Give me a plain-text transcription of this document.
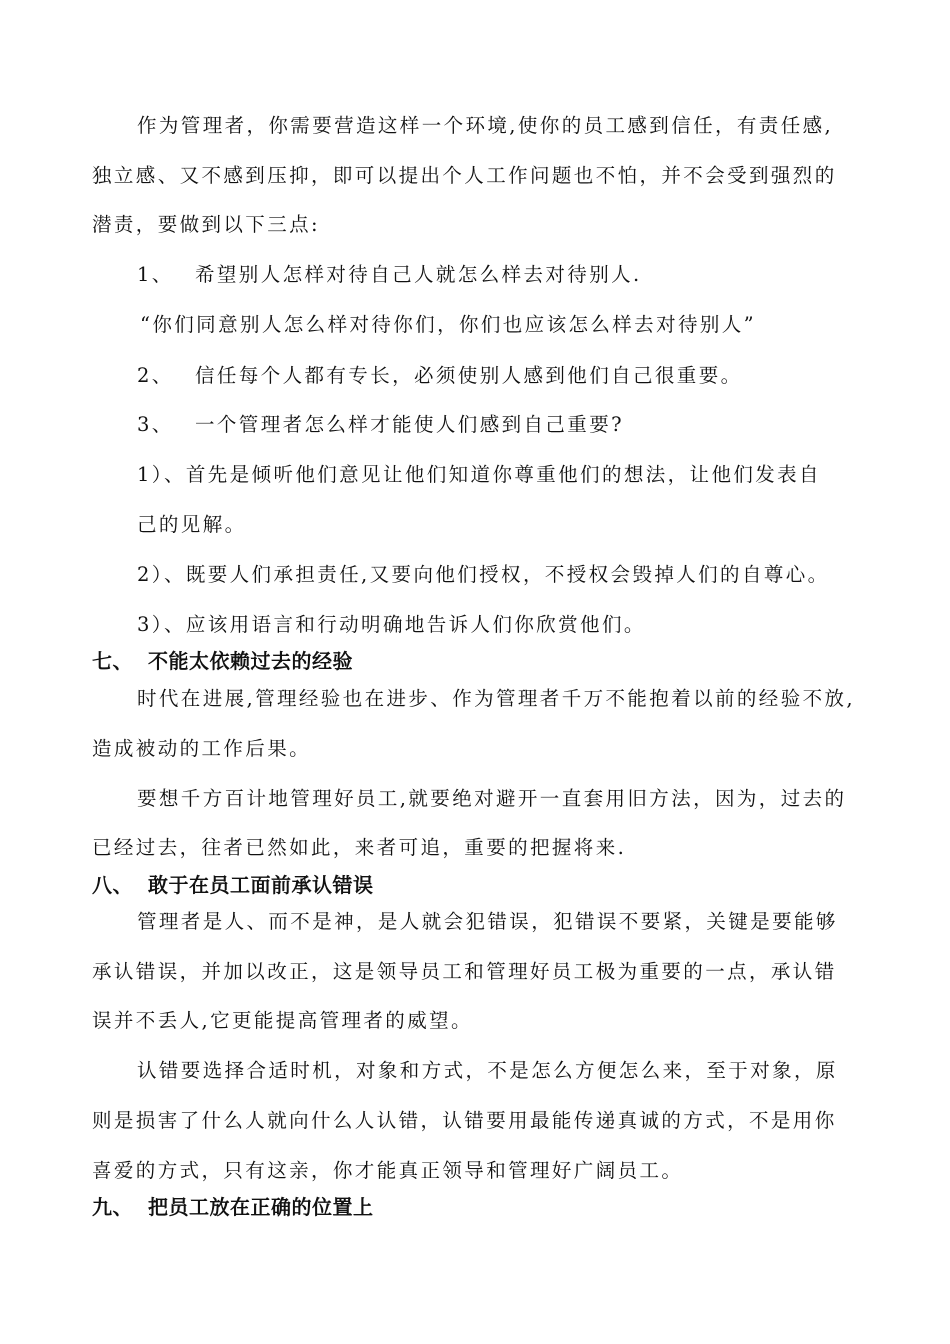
作为管理者，你需要营造这样一个环境,使你的员工感到信任，有责任感,
独立感、又不感到压抑，即可以提出个人工作问题也不怕，并不会受到强烈的
潜责，要做到以下三点:
1、 希望别人怎样对待自己人就怎么样去对待别人.
“你们同意别人怎么样对待你们，你们也应该怎么样去对待别人”
2、 信任每个人都有专长，必须使别人感到他们自己很重要。
3、 一个管理者怎么样才能使人们感到自己重要?
1）、首先是倾听他们意见让他们知道你尊重他们的想法，让他们发表自
己的见解。
2）、既要人们承担责任,又要向他们授权，不授权会毁掉人们的自尊心。
3）、应该用语言和行动明确地告诉人们你欣赏他们。
七、 不能太依赖过去的经验
时代在进展,管理经验也在进步、作为管理者千万不能抱着以前的经验不放,
造成被动的工作后果。
要想千方百计地管理好员工,就要绝对避开一直套用旧方法，因为，过去的
已经过去，往者已然如此，来者可追，重要的把握将来.
八、 敢于在员工面前承认错误
管理者是人、而不是神，是人就会犯错误，犯错误不要紧，关键是要能够
承认错误，并加以改正，这是领导员工和管理好员工极为重要的一点，承认错
误并不丢人,它更能提高管理者的威望。
认错要选择合适时机，对象和方式，不是怎么方便怎么来，至于对象，原
则是损害了什么人就向什么人认错，认错要用最能传递真诚的方式，不是用你
喜爱的方式，只有这亲，你才能真正领导和管理好广阔员工。
九、 把员工放在正确的位置上
